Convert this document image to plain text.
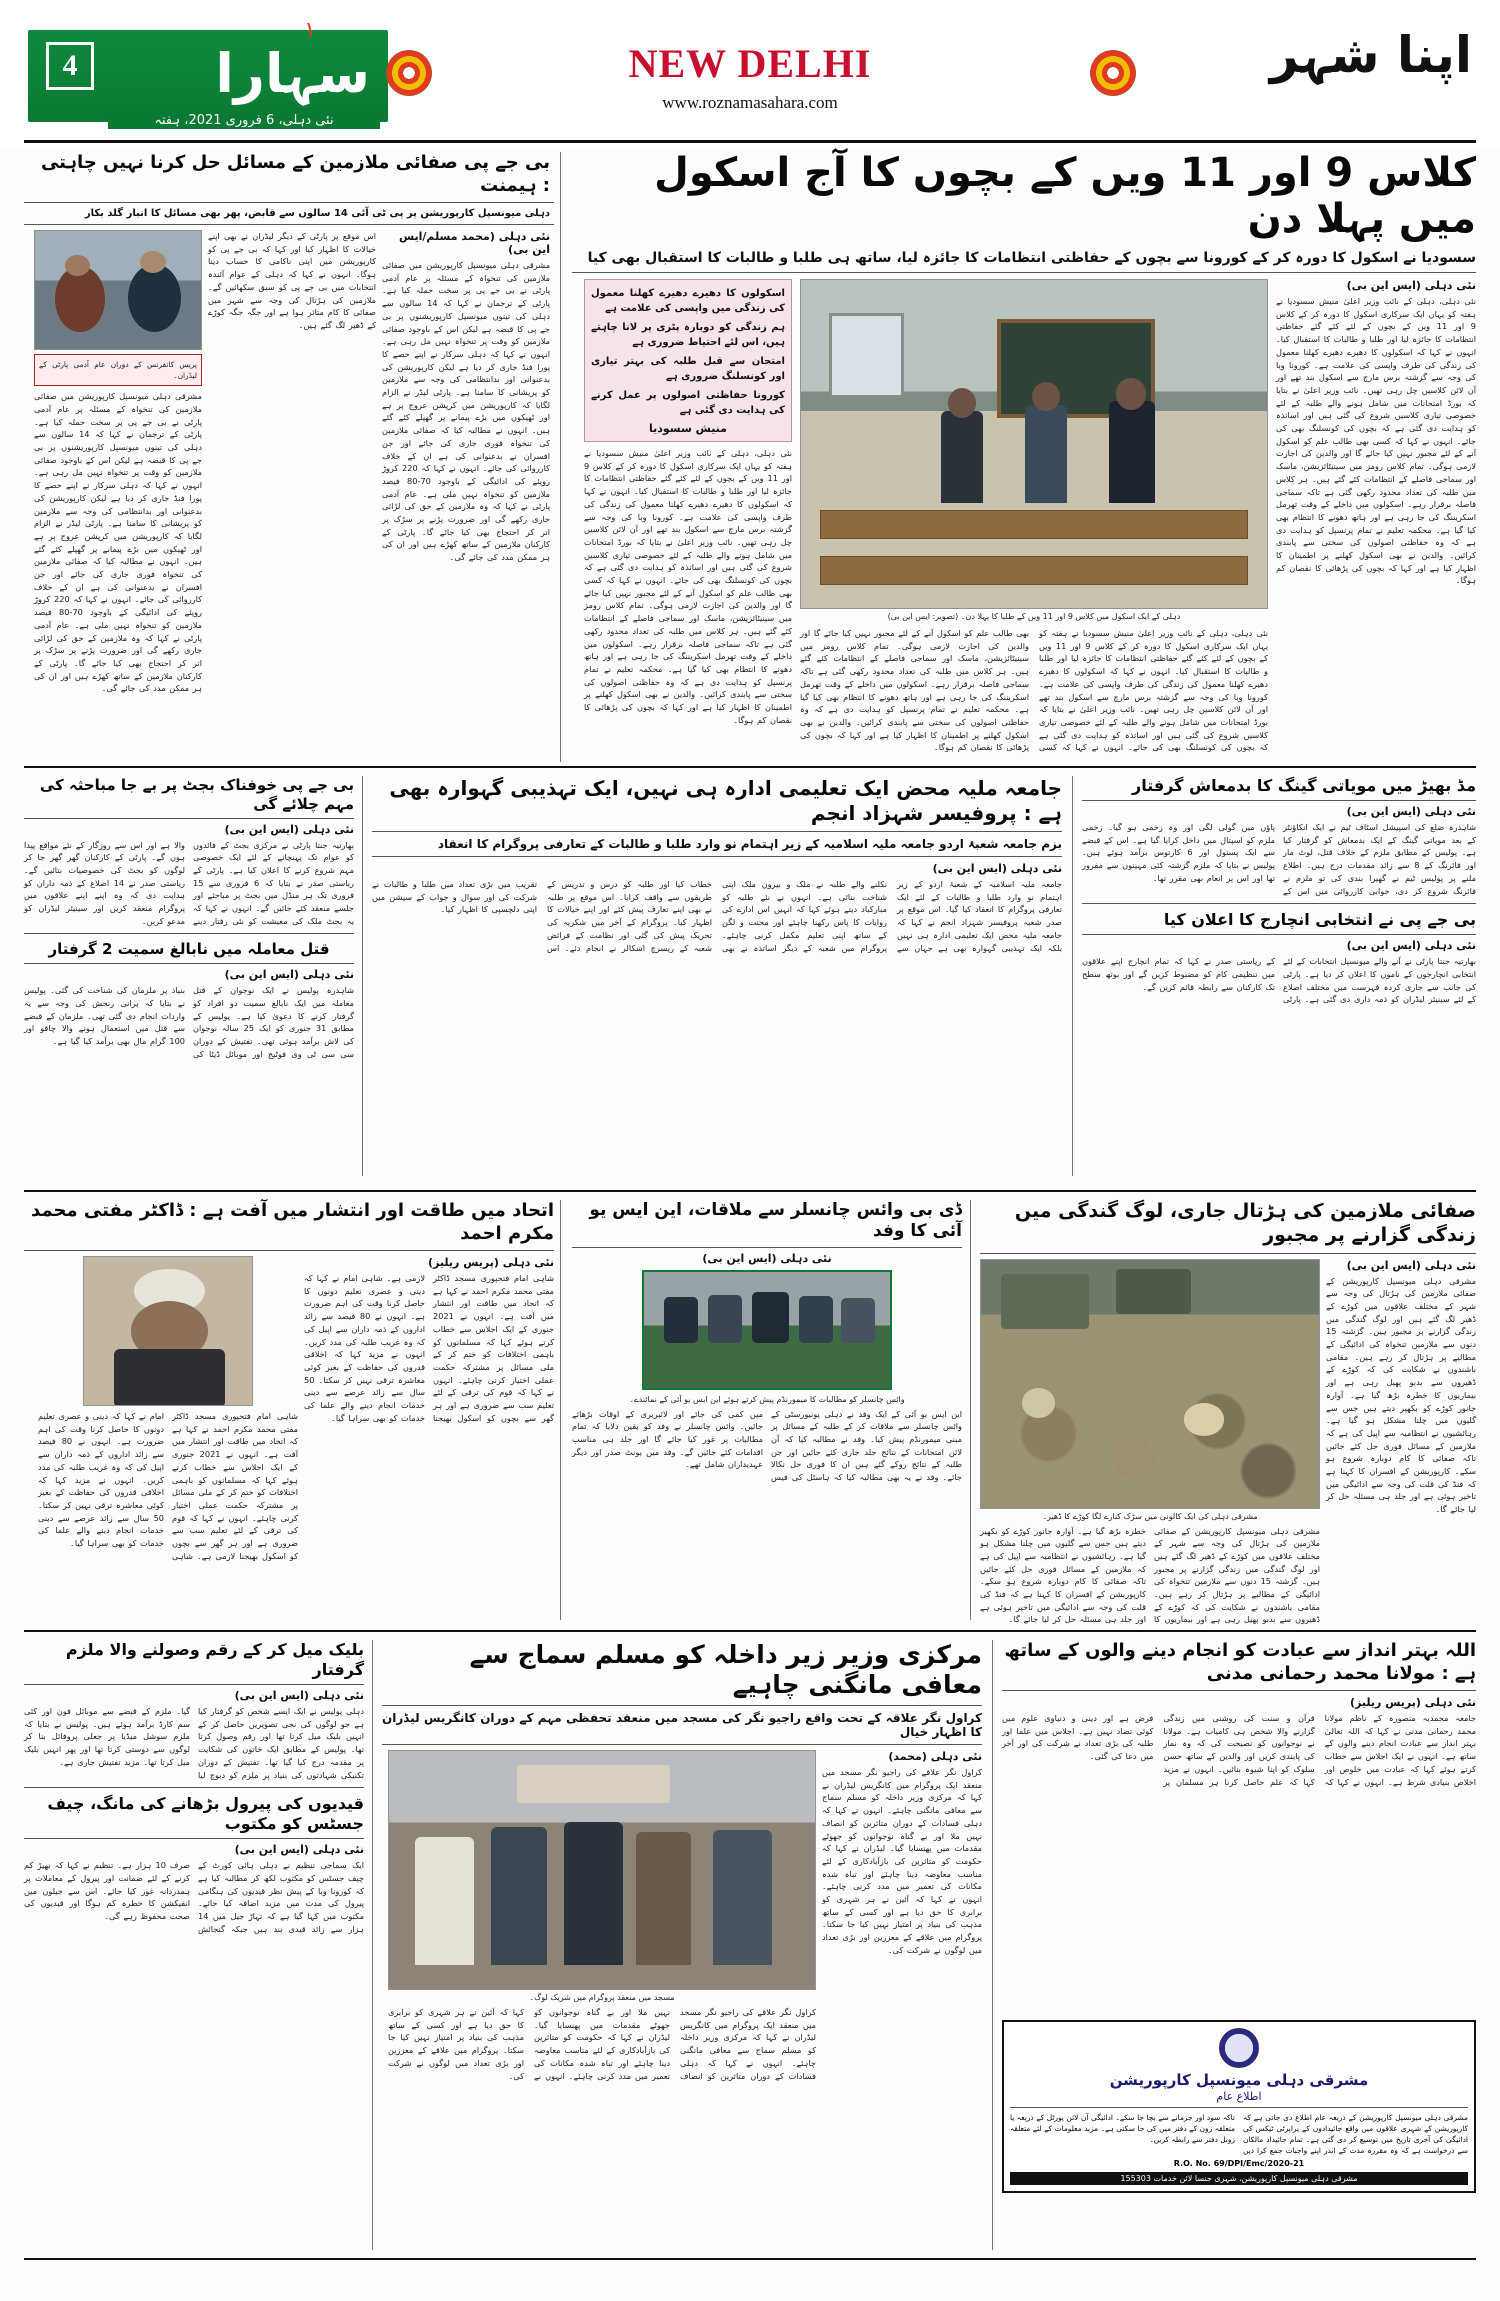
4	سہارا
١
نئی دہلی، 6 فروری 2021، ہفتہ
NEW DELHI
www.roznamasahara.com
اپنا شہر
بی جے پی صفائی ملازمین کے مسائل حل کرنا نہیں چاہتی : ہیمنت
دہلی میونسپل کارپوریشن پر پی ٹی آئی 14 سالوں سے قابض، پھر بھی مسائل کا انبار گلد بکار
نئی دہلی (محمد مسلم/ایس این بی)
مشرقی دہلی میونسپل کارپوریشن میں صفائی ملازمین کی تنخواہ کے مسئلہ پر عام آدمی پارٹی نے بی جے پی پر سخت حملہ کیا ہے۔ پارٹی کے ترجمان نے کہا کہ 14 سالوں سے دہلی کی تینوں میونسپل کارپوریشنوں پر بی جے پی کا قبضہ ہے لیکن اس کے باوجود صفائی ملازمین کو وقت پر تنخواہ نہیں مل رہی ہے۔ انہوں نے کہا کہ دہلی سرکار نے اپنے حصے کا پورا فنڈ جاری کر دیا ہے لیکن کارپوریشن کی بدعنوانی اور بدانتظامی کی وجہ سے ملازمین کو پریشانی کا سامنا ہے۔ پارٹی لیڈر نے الزام لگایا کہ کارپوریشن میں کرپشن عروج پر ہے اور ٹھیکوں میں بڑے پیمانے پر گھپلے کئے گئے ہیں۔ انہوں نے مطالبہ کیا کہ صفائی ملازمین کی تنخواہ فوری جاری کی جائے اور جن افسران نے بدعنوانی کی ہے ان کے خلاف کارروائی کی جائے۔ انہوں نے کہا کہ 220 کروڑ روپئے کی ادائیگی کے باوجود 70-80 فیصد ملازمین کو تنخواہ نہیں ملی ہے۔ عام آدمی پارٹی نے کہا کہ وہ ملازمین کے حق کی لڑائی جاری رکھے گی اور ضرورت پڑنے پر سڑک پر اتر کر احتجاج بھی کیا جائے گا۔ پارٹی کے کارکنان ملازمین کے ساتھ کھڑے ہیں اور ان کی ہر ممکن مدد کی جائے گی۔
اس موقع پر پارٹی کے دیگر لیڈران نے بھی اپنے خیالات کا اظہار کیا اور کہا کہ بی جے پی کو کارپوریشن میں اپنی ناکامی کا حساب دینا ہوگا۔ انہوں نے کہا کہ دہلی کے عوام آئندہ انتخابات میں بی جے پی کو سبق سکھائیں گے۔ ملازمین کی ہڑتال کی وجہ سے شہر میں صفائی کا کام متاثر ہوا ہے اور جگہ جگہ کوڑے کے ڈھیر لگ گئے ہیں۔
پریس کانفرنس کے دوران عام آدمی پارٹی کے لیڈران۔
مشرقی دہلی میونسپل کارپوریشن میں صفائی ملازمین کی تنخواہ کے مسئلہ پر عام آدمی پارٹی نے بی جے پی پر سخت حملہ کیا ہے۔ پارٹی کے ترجمان نے کہا کہ 14 سالوں سے دہلی کی تینوں میونسپل کارپوریشنوں پر بی جے پی کا قبضہ ہے لیکن اس کے باوجود صفائی ملازمین کو وقت پر تنخواہ نہیں مل رہی ہے۔ انہوں نے کہا کہ دہلی سرکار نے اپنے حصے کا پورا فنڈ جاری کر دیا ہے لیکن کارپوریشن کی بدعنوانی اور بدانتظامی کی وجہ سے ملازمین کو پریشانی کا سامنا ہے۔ پارٹی لیڈر نے الزام لگایا کہ کارپوریشن میں کرپشن عروج پر ہے اور ٹھیکوں میں بڑے پیمانے پر گھپلے کئے گئے ہیں۔ انہوں نے مطالبہ کیا کہ صفائی ملازمین کی تنخواہ فوری جاری کی جائے اور جن افسران نے بدعنوانی کی ہے ان کے خلاف کارروائی کی جائے۔ انہوں نے کہا کہ 220 کروڑ روپئے کی ادائیگی کے باوجود 70-80 فیصد ملازمین کو تنخواہ نہیں ملی ہے۔ عام آدمی پارٹی نے کہا کہ وہ ملازمین کے حق کی لڑائی جاری رکھے گی اور ضرورت پڑنے پر سڑک پر اتر کر احتجاج بھی کیا جائے گا۔ پارٹی کے کارکنان ملازمین کے ساتھ کھڑے ہیں اور ان کی ہر ممکن مدد کی جائے گی۔
کلاس 9 اور 11 ویں کے بچوں کا آج اسکول میں پہلا دن
سسودیا نے اسکول کا دورہ کر کے کورونا سے بچوں کے حفاظتی انتظامات کا جائزہ لیا، ساتھ ہی طلبا و طالبات کا استقبال بھی کیا
نئی دہلی (ایس این بی)
نئی دہلی، دہلی کے نائب وزیر اعلیٰ منیش سسودیا نے ہفتہ کو یہاں ایک سرکاری اسکول کا دورہ کر کے کلاس 9 اور 11 ویں کے بچوں کے لئے کئے گئے حفاظتی انتظامات کا جائزہ لیا اور طلبا و طالبات کا استقبال کیا۔ انہوں نے کہا کہ اسکولوں کا دھیرے دھیرے کھلنا معمول کی زندگی کی طرف واپسی کی علامت ہے۔ کورونا وبا کی وجہ سے گزشتہ برس مارچ سے اسکول بند تھے اور آن لائن کلاسیں چل رہی تھیں۔ نائب وزیر اعلیٰ نے بتایا کہ بورڈ امتحانات میں شامل ہونے والے طلبہ کے لئے خصوصی تیاری کلاسیں شروع کی گئی ہیں اور اساتذہ کو ہدایت دی گئی ہے کہ بچوں کی کونسلنگ بھی کی جائے۔ انہوں نے کہا کہ کسی بھی طالب علم کو اسکول آنے کے لئے مجبور نہیں کیا جائے گا اور والدین کی اجازت لازمی ہوگی۔ تمام کلاس رومز میں سینیٹائزیشن، ماسک اور سماجی فاصلے کے انتظامات کئے گئے ہیں۔ ہر کلاس میں طلبہ کی تعداد محدود رکھی گئی ہے تاکہ سماجی فاصلہ برقرار رہے۔ اسکولوں میں داخلے کے وقت تھرمل اسکریننگ کی جا رہی ہے اور ہاتھ دھونے کا انتظام بھی کیا گیا ہے۔ محکمہ تعلیم نے تمام پرنسپل کو ہدایت دی ہے کہ وہ حفاظتی اصولوں کی سختی سے پابندی کرائیں۔ والدین نے بھی اسکول کھلنے پر اطمینان کا اظہار کیا ہے اور کہا کہ بچوں کی پڑھائی کا نقصان کم ہوگا۔
دہلی کے ایک اسکول میں کلاس 9 اور 11 ویں کے طلبا کا پہلا دن۔ (تصویر: ایس این بی)
نئی دہلی، دہلی کے نائب وزیر اعلیٰ منیش سسودیا نے ہفتہ کو یہاں ایک سرکاری اسکول کا دورہ کر کے کلاس 9 اور 11 ویں کے بچوں کے لئے کئے گئے حفاظتی انتظامات کا جائزہ لیا اور طلبا و طالبات کا استقبال کیا۔ انہوں نے کہا کہ اسکولوں کا دھیرے دھیرے کھلنا معمول کی زندگی کی طرف واپسی کی علامت ہے۔ کورونا وبا کی وجہ سے گزشتہ برس مارچ سے اسکول بند تھے اور آن لائن کلاسیں چل رہی تھیں۔ نائب وزیر اعلیٰ نے بتایا کہ بورڈ امتحانات میں شامل ہونے والے طلبہ کے لئے خصوصی تیاری کلاسیں شروع کی گئی ہیں اور اساتذہ کو ہدایت دی گئی ہے کہ بچوں کی کونسلنگ بھی کی جائے۔ انہوں نے کہا کہ کسی بھی طالب علم کو اسکول آنے کے لئے مجبور نہیں کیا جائے گا اور والدین کی اجازت لازمی ہوگی۔ تمام کلاس رومز میں سینیٹائزیشن، ماسک اور سماجی فاصلے کے انتظامات کئے گئے ہیں۔ ہر کلاس میں طلبہ کی تعداد محدود رکھی گئی ہے تاکہ سماجی فاصلہ برقرار رہے۔ اسکولوں میں داخلے کے وقت تھرمل اسکریننگ کی جا رہی ہے اور ہاتھ دھونے کا انتظام بھی کیا گیا ہے۔ محکمہ تعلیم نے تمام پرنسپل کو ہدایت دی ہے کہ وہ حفاظتی اصولوں کی سختی سے پابندی کرائیں۔ والدین نے بھی اسکول کھلنے پر اطمینان کا اظہار کیا ہے اور کہا کہ بچوں کی پڑھائی کا نقصان کم ہوگا۔
اسکولوں کا دھیرے دھیرے کھلنا معمول کی زندگی میں واپسی کی علامت ہے
ہم زندگی کو دوبارہ پٹری پر لانا چاہتے ہیں، اس لئے احتیاط ضروری ہے
امتحان سے قبل طلبہ کی بہتر تیاری اور کونسلنگ ضروری ہے
کورونا حفاظتی اصولوں پر عمل کرنے کی ہدایت دی گئی ہے
منیش سسودیا
نئی دہلی، دہلی کے نائب وزیر اعلیٰ منیش سسودیا نے ہفتہ کو یہاں ایک سرکاری اسکول کا دورہ کر کے کلاس 9 اور 11 ویں کے بچوں کے لئے کئے گئے حفاظتی انتظامات کا جائزہ لیا اور طلبا و طالبات کا استقبال کیا۔ انہوں نے کہا کہ اسکولوں کا دھیرے دھیرے کھلنا معمول کی زندگی کی طرف واپسی کی علامت ہے۔ کورونا وبا کی وجہ سے گزشتہ برس مارچ سے اسکول بند تھے اور آن لائن کلاسیں چل رہی تھیں۔ نائب وزیر اعلیٰ نے بتایا کہ بورڈ امتحانات میں شامل ہونے والے طلبہ کے لئے خصوصی تیاری کلاسیں شروع کی گئی ہیں اور اساتذہ کو ہدایت دی گئی ہے کہ بچوں کی کونسلنگ بھی کی جائے۔ انہوں نے کہا کہ کسی بھی طالب علم کو اسکول آنے کے لئے مجبور نہیں کیا جائے گا اور والدین کی اجازت لازمی ہوگی۔ تمام کلاس رومز میں سینیٹائزیشن، ماسک اور سماجی فاصلے کے انتظامات کئے گئے ہیں۔ ہر کلاس میں طلبہ کی تعداد محدود رکھی گئی ہے تاکہ سماجی فاصلہ برقرار رہے۔ اسکولوں میں داخلے کے وقت تھرمل اسکریننگ کی جا رہی ہے اور ہاتھ دھونے کا انتظام بھی کیا گیا ہے۔ محکمہ تعلیم نے تمام پرنسپل کو ہدایت دی ہے کہ وہ حفاظتی اصولوں کی سختی سے پابندی کرائیں۔ والدین نے بھی اسکول کھلنے پر اطمینان کا اظہار کیا ہے اور کہا کہ بچوں کی پڑھائی کا نقصان کم ہوگا۔
بی جے پی خوفناک بجٹ پر بے جا مباحثہ کی مہم چلائے گی
نئی دہلی (ایس این بی)
بھارتیہ جنتا پارٹی نے مرکزی بجٹ کے فائدوں کو عوام تک پہنچانے کے لئے ایک خصوصی مہم شروع کرنے کا اعلان کیا ہے۔ پارٹی کے ریاستی صدر نے بتایا کہ 6 فروری سے 15 فروری تک ہر منڈل میں بجٹ پر مباحثے اور جلسے منعقد کئے جائیں گے۔ انہوں نے کہا کہ یہ بجٹ ملک کی معیشت کو نئی رفتار دینے والا ہے اور اس سے روزگار کے نئے مواقع پیدا ہوں گے۔ پارٹی کے کارکنان گھر گھر جا کر لوگوں کو بجٹ کی خصوصیات بتائیں گے۔ ریاستی صدر نے 14 اضلاع کے ذمہ داران کو ہدایت دی کہ وہ اپنے اپنے علاقوں میں پروگرام منعقد کریں اور سینیئر لیڈران کو مدعو کریں۔
قتل معاملہ میں نابالغ سمیت 2 گرفتار
نئی دہلی (ایس این بی)
شاہدرہ پولیس نے ایک نوجوان کے قتل معاملہ میں ایک نابالغ سمیت دو افراد کو گرفتار کرنے کا دعویٰ کیا ہے۔ پولیس کے مطابق 31 جنوری کو ایک 25 سالہ نوجوان کی لاش برآمد ہوئی تھی۔ تفتیش کے دوران سی سی ٹی وی فوٹیج اور موبائل ڈیٹا کی بنیاد پر ملزمان کی شناخت کی گئی۔ پولیس نے بتایا کہ پرانی رنجش کی وجہ سے یہ واردات انجام دی گئی تھی۔ ملزمان کے قبضے سے قتل میں استعمال ہونے والا چاقو اور 100 گرام مال بھی برآمد کیا گیا ہے۔
جامعہ ملیہ محض ایک تعلیمی ادارہ ہی نہیں، ایک تہذیبی گہوارہ بھی ہے : پروفیسر شہزاد انجم
بزم جامعہ شعبۂ اردو جامعہ ملیہ اسلامیہ کے زیر اہتمام نو وارد طلبا و طالبات کے تعارفی پروگرام کا انعقاد
نئی دہلی (ایس این بی)
جامعہ ملیہ اسلامیہ کے شعبۂ اردو کے زیر اہتمام نو وارد طلبا و طالبات کے لئے ایک تعارفی پروگرام کا انعقاد کیا گیا۔ اس موقع پر صدر شعبہ پروفیسر شہزاد انجم نے کہا کہ جامعہ ملیہ محض ایک تعلیمی ادارہ ہی نہیں بلکہ ایک تہذیبی گہوارہ بھی ہے جہاں سے نکلنے والے طلبہ نے ملک و بیرون ملک اپنی شناخت بنائی ہے۔ انہوں نے نئے طلبہ کو مبارکباد دیتے ہوئے کہا کہ انہیں اس ادارے کی روایات کا پاس رکھنا چاہئے اور محنت و لگن کے ساتھ اپنی تعلیم مکمل کرنی چاہئے۔ پروگرام میں شعبہ کے دیگر اساتذہ نے بھی خطاب کیا اور طلبہ کو درس و تدریس کے طریقوں سے واقف کرایا۔ اس موقع پر طلبہ نے بھی اپنے تعارف پیش کئے اور اپنے خیالات کا اظہار کیا۔ پروگرام کے آخر میں شکریہ کی تحریک پیش کی گئی اور نظامت کے فرائض شعبہ کے ریسرچ اسکالر نے انجام دئے۔ اس تقریب میں بڑی تعداد میں طلبا و طالبات نے شرکت کی اور سوال و جواب کے سیشن میں اپنی دلچسپی کا اظہار کیا۔
مڈ بھیڑ میں مویاتی گینگ کا بدمعاش گرفتار
نئی دہلی (ایس این بی)
شاہدرہ ضلع کی اسپیشل اسٹاف ٹیم نے ایک انکاؤنٹر کے بعد مویاتی گینگ کے ایک بدمعاش کو گرفتار کیا ہے۔ پولیس کے مطابق ملزم کے خلاف قتل، لوٹ مار اور فائرنگ کے 8 سے زائد مقدمات درج ہیں۔ اطلاع ملنے پر پولیس ٹیم نے گھیرا بندی کی تو ملزم نے فائرنگ شروع کر دی، جوابی کارروائی میں اس کے پاؤں میں گولی لگی اور وہ زخمی ہو گیا۔ زخمی ملزم کو اسپتال میں داخل کرایا گیا ہے۔ اس کے قبضے سے ایک پستول اور 6 کارتوس برآمد ہوئے ہیں۔ پولیس نے بتایا کہ ملزم گزشتہ کئی مہینوں سے مفرور تھا اور اس پر انعام بھی مقرر تھا۔
بی جے پی نے انتخابی انچارج کا اعلان کیا
نئی دہلی (ایس این بی)
بھارتیہ جنتا پارٹی نے آنے والے میونسپل انتخابات کے لئے انتخابی انچارجوں کے ناموں کا اعلان کر دیا ہے۔ پارٹی کی جانب سے جاری کردہ فہرست میں مختلف اضلاع کے لئے سینیئر لیڈران کو ذمہ داری دی گئی ہے۔ پارٹی کے ریاستی صدر نے کہا کہ تمام انچارج اپنے علاقوں میں تنظیمی کام کو مضبوط کریں گے اور بوتھ سطح تک کارکنان سے رابطہ قائم کریں گے۔
اتحاد میں طاقت اور انتشار میں آفت ہے : ڈاکٹر مفتی محمد مکرم احمد
نئی دہلی (پریس ریلیز)
شاہی امام فتحپوری مسجد ڈاکٹر مفتی محمد مکرم احمد نے کہا ہے کہ اتحاد میں طاقت اور انتشار میں آفت ہے۔ انہوں نے 2021 جنوری کے ایک اجلاس سے خطاب کرتے ہوئے کہا کہ مسلمانوں کو باہمی اختلافات کو ختم کر کے ملی مسائل پر مشترکہ حکمت عملی اختیار کرنی چاہئے۔ انہوں نے کہا کہ قوم کی ترقی کے لئے تعلیم سب سے ضروری ہے اور ہر گھر سے بچوں کو اسکول بھیجنا لازمی ہے۔ شاہی امام نے کہا کہ دینی و عصری تعلیم دونوں کا حاصل کرنا وقت کی اہم ضرورت ہے۔ انہوں نے 80 فیصد سے زائد اداروں کے ذمہ داران سے اپیل کی کہ وہ غریب طلبہ کی مدد کریں۔ انہوں نے مزید کہا کہ اخلاقی قدروں کی حفاظت کے بغیر کوئی معاشرہ ترقی نہیں کر سکتا۔ 50 سال سے زائد عرصے سے دینی خدمات انجام دینے والے علما کی خدمات کو بھی سراہا گیا۔
شاہی امام فتحپوری مسجد ڈاکٹر مفتی محمد مکرم احمد نے کہا ہے کہ اتحاد میں طاقت اور انتشار میں آفت ہے۔ انہوں نے 2021 جنوری کے ایک اجلاس سے خطاب کرتے ہوئے کہا کہ مسلمانوں کو باہمی اختلافات کو ختم کر کے ملی مسائل پر مشترکہ حکمت عملی اختیار کرنی چاہئے۔ انہوں نے کہا کہ قوم کی ترقی کے لئے تعلیم سب سے ضروری ہے اور ہر گھر سے بچوں کو اسکول بھیجنا لازمی ہے۔ شاہی امام نے کہا کہ دینی و عصری تعلیم دونوں کا حاصل کرنا وقت کی اہم ضرورت ہے۔ انہوں نے 80 فیصد سے زائد اداروں کے ذمہ داران سے اپیل کی کہ وہ غریب طلبہ کی مدد کریں۔ انہوں نے مزید کہا کہ اخلاقی قدروں کی حفاظت کے بغیر کوئی معاشرہ ترقی نہیں کر سکتا۔ 50 سال سے زائد عرصے سے دینی خدمات انجام دینے والے علما کی خدمات کو بھی سراہا گیا۔
ڈی بی وائس چانسلر سے ملاقات، این ایس یو آئی کا وفد
نئی دہلی (ایس این بی)
وائس چانسلر کو مطالبات کا میمورنڈم پیش کرتے ہوئے این ایس یو آئی کے نمائندے۔
این ایس یو آئی کے ایک وفد نے دہلی یونیورسٹی کے وائس چانسلر سے ملاقات کر کے طلبہ کے مسائل پر مبنی میمورنڈم پیش کیا۔ وفد نے مطالبہ کیا کہ آن لائن امتحانات کے نتائج جلد جاری کئے جائیں اور جن طلبہ کے نتائج روکے گئے ہیں ان کا فوری حل نکالا جائے۔ وفد نے یہ بھی مطالبہ کیا کہ ہاسٹل کی فیس میں کمی کی جائے اور لائبریری کے اوقات بڑھائے جائیں۔ وائس چانسلر نے وفد کو یقین دلایا کہ تمام مطالبات پر غور کیا جائے گا اور جلد ہی مناسب اقدامات کئے جائیں گے۔ وفد میں یونٹ صدر اور دیگر عہدیداران شامل تھے۔
صفائی ملازمین کی ہڑتال جاری، لوگ گندگی میں زندگی گزارنے پر مجبور
نئی دہلی (ایس این بی)
مشرقی دہلی میونسپل کارپوریشن کے صفائی ملازمین کی ہڑتال کی وجہ سے شہر کے مختلف علاقوں میں کوڑے کے ڈھیر لگ گئے ہیں اور لوگ گندگی میں زندگی گزارنے پر مجبور ہیں۔ گزشتہ 15 دنوں سے ملازمین تنخواہ کی ادائیگی کے مطالبے پر ہڑتال کر رہے ہیں۔ مقامی باشندوں نے شکایت کی کہ کوڑے کے ڈھیروں سے بدبو پھیل رہی ہے اور بیماریوں کا خطرہ بڑھ گیا ہے۔ آوارہ جانور کوڑے کو بکھیر دیتے ہیں جس سے گلیوں میں چلنا مشکل ہو گیا ہے۔ رہائشیوں نے انتظامیہ سے اپیل کی ہے کہ ملازمین کے مسائل فوری حل کئے جائیں تاکہ صفائی کا کام دوبارہ شروع ہو سکے۔ کارپوریشن کے افسران کا کہنا ہے کہ فنڈ کی قلت کی وجہ سے ادائیگی میں تاخیر ہوئی ہے اور جلد ہی مسئلہ حل کر لیا جائے گا۔
مشرقی دہلی کی ایک کالونی میں سڑک کنارے لگا کوڑے کا ڈھیر۔
مشرقی دہلی میونسپل کارپوریشن کے صفائی ملازمین کی ہڑتال کی وجہ سے شہر کے مختلف علاقوں میں کوڑے کے ڈھیر لگ گئے ہیں اور لوگ گندگی میں زندگی گزارنے پر مجبور ہیں۔ گزشتہ 15 دنوں سے ملازمین تنخواہ کی ادائیگی کے مطالبے پر ہڑتال کر رہے ہیں۔ مقامی باشندوں نے شکایت کی کہ کوڑے کے ڈھیروں سے بدبو پھیل رہی ہے اور بیماریوں کا خطرہ بڑھ گیا ہے۔ آوارہ جانور کوڑے کو بکھیر دیتے ہیں جس سے گلیوں میں چلنا مشکل ہو گیا ہے۔ رہائشیوں نے انتظامیہ سے اپیل کی ہے کہ ملازمین کے مسائل فوری حل کئے جائیں تاکہ صفائی کا کام دوبارہ شروع ہو سکے۔ کارپوریشن کے افسران کا کہنا ہے کہ فنڈ کی قلت کی وجہ سے ادائیگی میں تاخیر ہوئی ہے اور جلد ہی مسئلہ حل کر لیا جائے گا۔
بلیک میل کر کے رقم وصولنے والا ملزم گرفتار
نئی دہلی (ایس این بی)
دہلی پولیس نے ایک ایسے شخص کو گرفتار کیا ہے جو لوگوں کی نجی تصویریں حاصل کر کے انہیں بلیک میل کرتا تھا اور رقم وصول کرتا تھا۔ پولیس کے مطابق ایک خاتون کی شکایت پر مقدمہ درج کیا گیا تھا۔ تفتیش کے دوران تکنیکی شہادتوں کی بنیاد پر ملزم کو دبوچ لیا گیا۔ ملزم کے قبضے سے موبائل فون اور کئی سم کارڈ برآمد ہوئے ہیں۔ پولیس نے بتایا کہ ملزم سوشل میڈیا پر جعلی پروفائل بنا کر لوگوں سے دوستی کرتا تھا اور پھر انہیں بلیک میل کرتا تھا۔ مزید تفتیش جاری ہے۔
قیدیوں کی پیرول بڑھانے کی مانگ، چیف جسٹس کو مکتوب
نئی دہلی (ایس این بی)
ایک سماجی تنظیم نے دہلی ہائی کورٹ کے چیف جسٹس کو مکتوب لکھ کر مطالبہ کیا ہے کہ کورونا وبا کے پیش نظر قیدیوں کی ہنگامی پیرول کی مدت میں مزید اضافہ کیا جائے۔ مکتوب میں کہا گیا ہے کہ تہاڑ جیل میں 14 ہزار سے زائد قیدی بند ہیں جبکہ گنجائش صرف 10 ہزار ہے۔ تنظیم نے کہا کہ بھیڑ کم کرنے کے لئے ضمانت اور پیرول کے معاملات پر ہمدردانہ غور کیا جائے۔ اس سے جیلوں میں انفیکشن کا خطرہ کم ہوگا اور قیدیوں کی صحت محفوظ رہے گی۔
مرکزی وزیر زیر داخلہ کو مسلم سماج سے معافی مانگنی چاہیے
کراول نگر علاقہ کے تحت واقع راجیو نگر کی مسجد میں منعقد تحفظی مہم کے دوران کانگریس لیڈران کا اظہار خیال
نئی دہلی (محمد)
کراول نگر علاقے کی راجیو نگر مسجد میں منعقد ایک پروگرام میں کانگریس لیڈران نے کہا کہ مرکزی وزیر داخلہ کو مسلم سماج سے معافی مانگنی چاہئے۔ انہوں نے کہا کہ دہلی فسادات کے دوران متاثرین کو انصاف نہیں ملا اور بے گناہ نوجوانوں کو جھوٹے مقدمات میں پھنسایا گیا۔ لیڈران نے کہا کہ حکومت کو متاثرین کی بازآبادکاری کے لئے مناسب معاوضہ دینا چاہئے اور تباہ شدہ مکانات کی تعمیر میں مدد کرنی چاہئے۔ انہوں نے کہا کہ آئین نے ہر شہری کو برابری کا حق دیا ہے اور کسی کے ساتھ مذہب کی بنیاد پر امتیاز نہیں کیا جا سکتا۔ پروگرام میں علاقے کے معززین اور بڑی تعداد میں لوگوں نے شرکت کی۔
مسجد میں منعقد پروگرام میں شریک لوگ۔
کراول نگر علاقے کی راجیو نگر مسجد میں منعقد ایک پروگرام میں کانگریس لیڈران نے کہا کہ مرکزی وزیر داخلہ کو مسلم سماج سے معافی مانگنی چاہئے۔ انہوں نے کہا کہ دہلی فسادات کے دوران متاثرین کو انصاف نہیں ملا اور بے گناہ نوجوانوں کو جھوٹے مقدمات میں پھنسایا گیا۔ لیڈران نے کہا کہ حکومت کو متاثرین کی بازآبادکاری کے لئے مناسب معاوضہ دینا چاہئے اور تباہ شدہ مکانات کی تعمیر میں مدد کرنی چاہئے۔ انہوں نے کہا کہ آئین نے ہر شہری کو برابری کا حق دیا ہے اور کسی کے ساتھ مذہب کی بنیاد پر امتیاز نہیں کیا جا سکتا۔ پروگرام میں علاقے کے معززین اور بڑی تعداد میں لوگوں نے شرکت کی۔
اللہ بہتر انداز سے عبادت کو انجام دینے والوں کے ساتھ ہے : مولانا محمد رحمانی مدنی
نئی دہلی (پریس ریلیز)
جامعہ محمدیہ منصورہ کے ناظم مولانا محمد رحمانی مدنی نے کہا کہ اللہ تعالیٰ بہتر انداز سے عبادت انجام دینے والوں کے ساتھ ہے۔ انہوں نے ایک اجلاس سے خطاب کرتے ہوئے کہا کہ عبادت میں خلوص اور اخلاص بنیادی شرط ہے۔ انہوں نے کہا کہ قرآن و سنت کی روشنی میں زندگی گزارنے والا شخص ہی کامیاب ہے۔ مولانا نے نوجوانوں کو نصیحت کی کہ وہ نماز کی پابندی کریں اور والدین کے ساتھ حسن سلوک کو اپنا شیوہ بنائیں۔ انہوں نے مزید کہا کہ علم حاصل کرنا ہر مسلمان پر فرض ہے اور دینی و دنیاوی علوم میں کوئی تضاد نہیں ہے۔ اجلاس میں علما اور طلبہ کی بڑی تعداد نے شرکت کی اور آخر میں دعا کی گئی۔
مشرقی دہلی میونسپل کارپوریشن
اطلاع عام
مشرقی دہلی میونسپل کارپوریشن کے ذریعہ عام اطلاع دی جاتی ہے کہ کارپوریشن کے شہری علاقوں میں واقع جائیدادوں کے پراپرٹی ٹیکس کی ادائیگی کی آخری تاریخ میں توسیع کر دی گئی ہے۔ تمام جائیداد مالکان سے درخواست ہے کہ وہ مقررہ مدت کے اندر اپنے واجبات جمع کرا دیں تاکہ سود اور جرمانے سے بچا جا سکے۔ ادائیگی آن لائن پورٹل کے ذریعہ یا متعلقہ زون کے دفتر میں کی جا سکتی ہے۔ مزید معلومات کے لئے متعلقہ زونل دفتر سے رابطہ کریں۔
R.O. No. 69/DPI/Emc/2020-21
مشرقی دہلی میونسپل کارپوریشن، شہری جنسا لائن خدمات 155303
